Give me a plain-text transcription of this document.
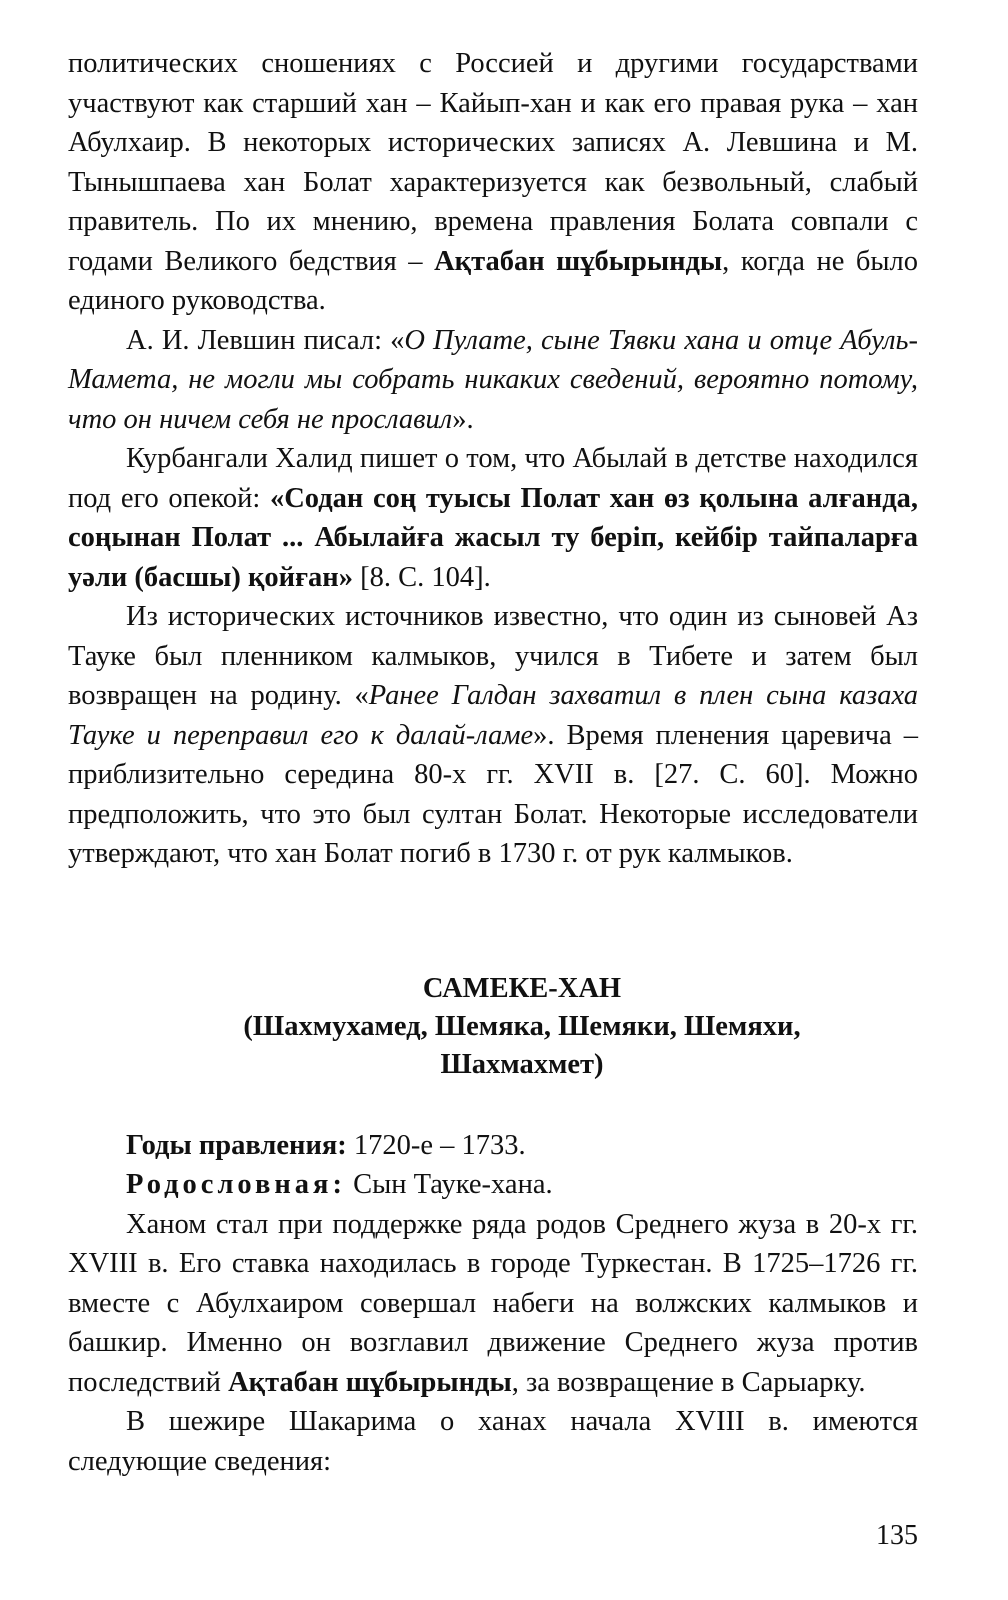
политических сношениях с Россией и другими государствами участвуют как старший хан – Кайып-хан и как его правая рука – хан Абулхаир. В некоторых исторических записях А. Левшина и М. Тынышпаева хан Болат характеризуется как безвольный, слабый правитель. По их мнению, времена правления Болата совпали с годами Великого бедствия – Ақтабан шұбырынды, когда не было единого руководства.

А. И. Левшин писал: «О Пулате, сыне Тявки хана и отце Абуль-Мамета, не могли мы собрать никаких сведений, вероятно потому, что он ничем себя не прославил».

Курбангали Халид пишет о том, что Абылай в детстве находился под его опекой: «Содан соң туысы Полат хан өз қолына алғанда, соңынан Полат ... Абылайға жасыл ту беріп, кейбір тайпаларға уәли (басшы) қойған» [8. С. 104].

Из исторических источников известно, что один из сыновей Аз Тауке был пленником калмыков, учился в Тибете и затем был возвращен на родину. «Ранее Галдан захватил в плен сына казаха Тауке и переправил его к далай-ламе». Время пленения царевича – приблизительно середина 80-х гг. XVII в. [27. С. 60]. Можно предположить, что это был султан Болат. Некоторые исследователи утверждают, что хан Болат погиб в 1730 г. от рук калмыков.

САМЕКЕ-ХАН
(Шахмухамед, Шемяка, Шемяки, Шемяхи, Шахмахмет)

Годы правления: 1720-е – 1733.

Родословная: Сын Тауке-хана.

Ханом стал при поддержке ряда родов Среднего жуза в 20-х гг. XVIII в. Его ставка находилась в городе Туркестан. В 1725–1726 гг. вместе с Абулхаиром совершал набеги на волжских калмыков и башкир. Именно он возглавил движение Среднего жуза против последствий Ақтабан шұбырынды, за возвращение в Сарыарку.

В шежире Шакарима о ханах начала XVIII в. имеются следующие сведения:

135
